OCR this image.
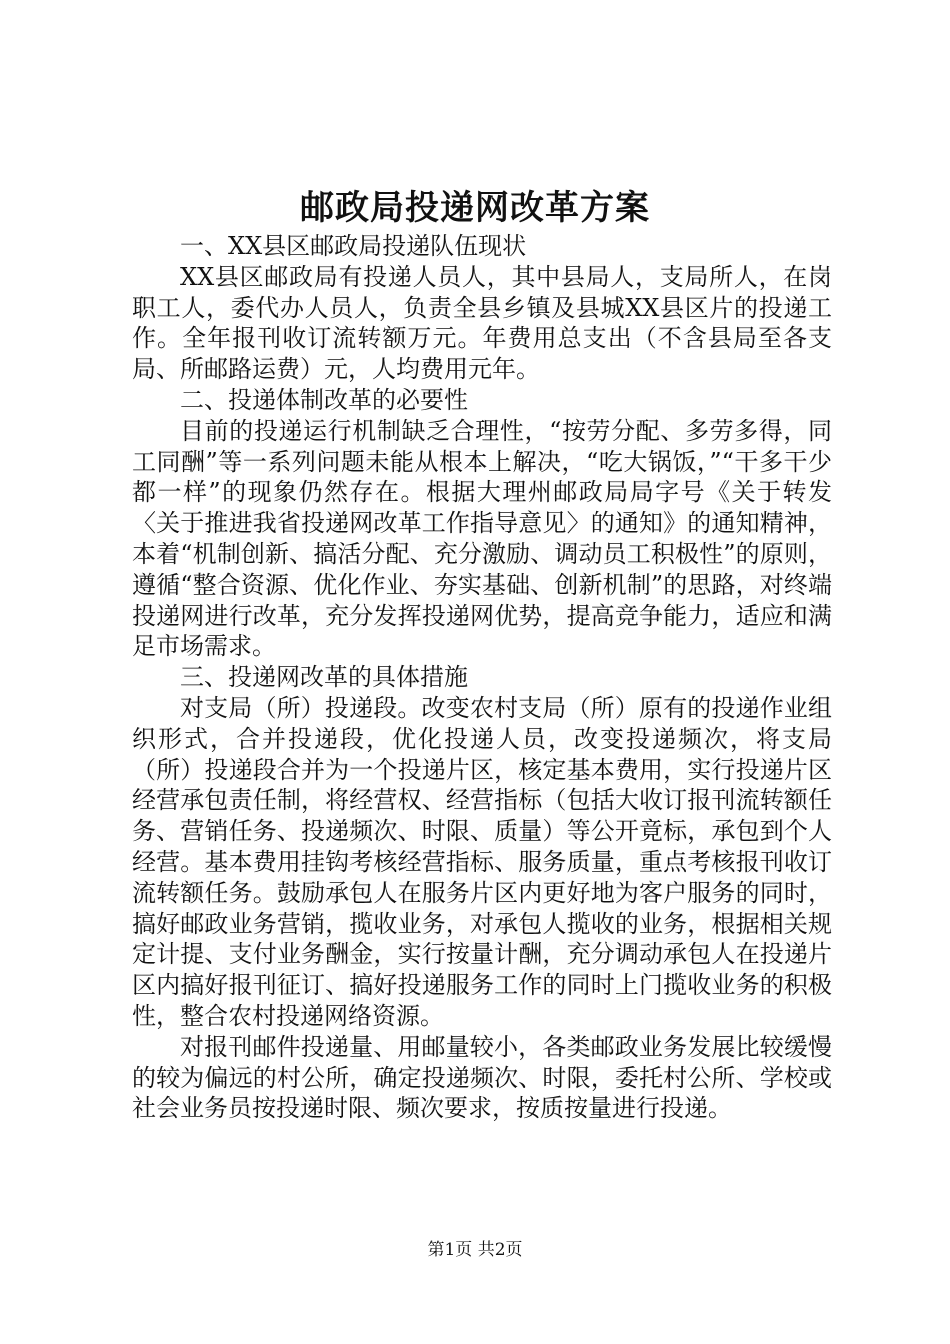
邮政局投递网改革方案

一、XX县区邮政局投递队伍现状

XX县区邮政局有投递人员人，其中县局人，支局所人，在岗职工人，委代办人员人，负责全县乡镇及县城XX县区片的投递工作。全年报刊收订流转额万元。年费用总支出（不含县局至各支局、所邮路运费）元，人均费用元年。

二、投递体制改革的必要性

目前的投递运行机制缺乏合理性，“按劳分配、多劳多得，同工同酬”等一系列问题未能从根本上解决，“吃大锅饭，”“干多干少都一样”的现象仍然存在。根据大理州邮政局局字号《关于转发〈关于推进我省投递网改革工作指导意见〉的通知》的通知精神，本着“机制创新、搞活分配、充分激励、调动员工积极性”的原则，遵循“整合资源、优化作业、夯实基础、创新机制”的思路，对终端投递网进行改革，充分发挥投递网优势，提高竞争能力，适应和满足市场需求。

三、投递网改革的具体措施

对支局（所）投递段。改变农村支局（所）原有的投递作业组织形式，合并投递段，优化投递人员，改变投递频次，将支局（所）投递段合并为一个投递片区，核定基本费用，实行投递片区经营承包责任制，将经营权、经营指标（包括大收订报刊流转额任务、营销任务、投递频次、时限、质量）等公开竟标，承包到个人经营。基本费用挂钩考核经营指标、服务质量，重点考核报刊收订流转额任务。鼓励承包人在服务片区内更好地为客户服务的同时，搞好邮政业务营销，揽收业务，对承包人揽收的业务，根据相关规定计提、支付业务酬金，实行按量计酬，充分调动承包人在投递片区内搞好报刊征订、搞好投递服务工作的同时上门揽收业务的积极性，整合农村投递网络资源。

对报刊邮件投递量、用邮量较小，各类邮政业务发展比较缓慢的较为偏远的村公所，确定投递频次、时限，委托村公所、学校或社会业务员按投递时限、频次要求，按质按量进行投递。

第1页 共2页
